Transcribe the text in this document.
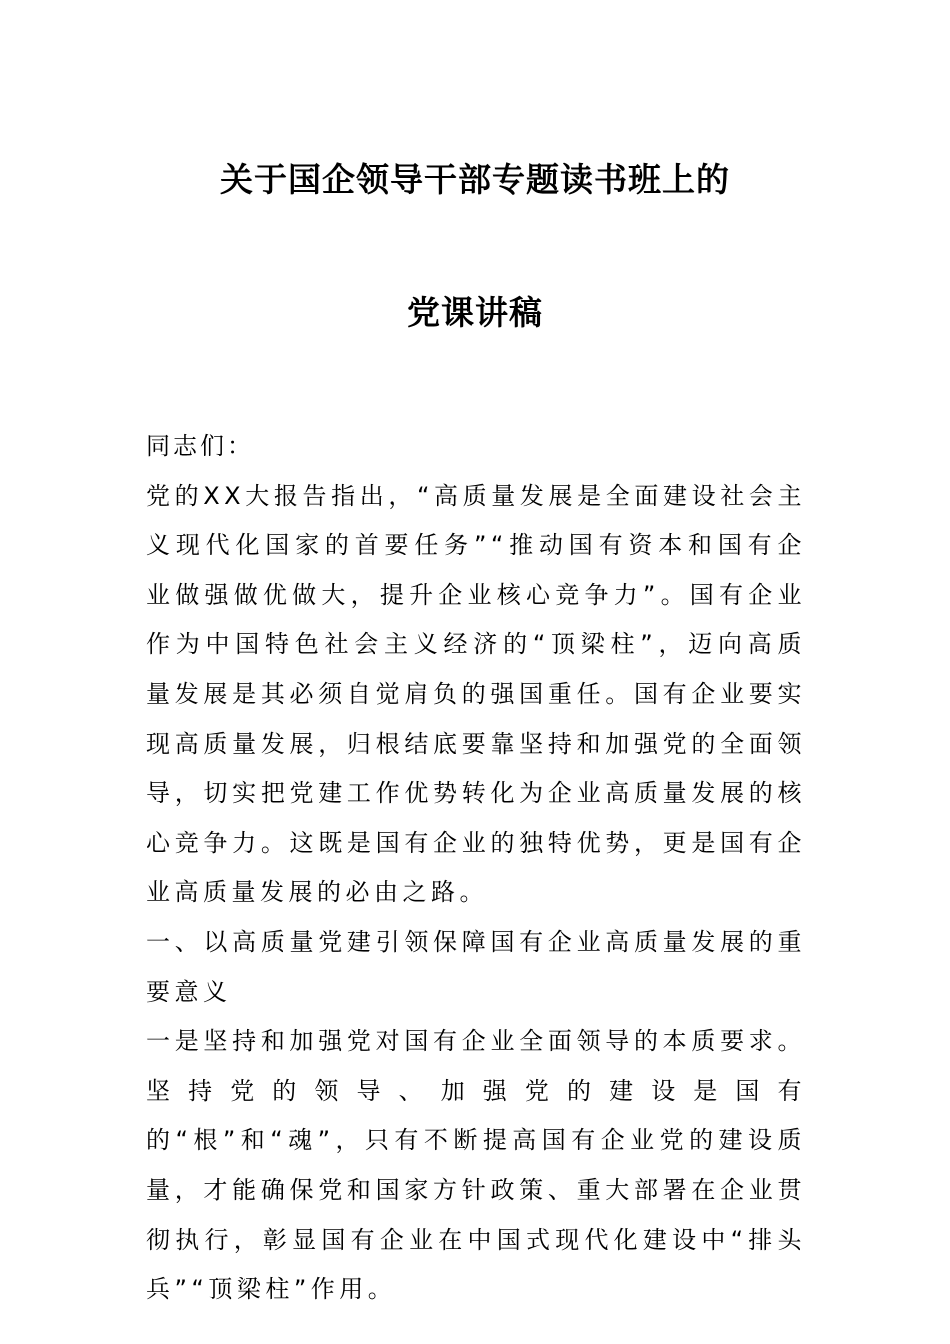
关于国企领导干部专题读书班上的
党课讲稿

同志们：

党的XX大报告指出，“高质量发展是全面建设社会主义现代化国家的首要任务”“推动国有资本和国有企业做强做优做大，提升企业核心竞争力”。国有企业作为中国特色社会主义经济的“顶梁柱”，迈向高质量发展是其必须自觉肩负的强国重任。国有企业要实现高质量发展，归根结底要靠坚持和加强党的全面领导，切实把党建工作优势转化为企业高质量发展的核心竞争力。这既是国有企业的独特优势，更是国有企业高质量发展的必由之路。

一、以高质量党建引领保障国有企业高质量发展的重要意义

一是坚持和加强党对国有企业全面领导的本质要求。坚持党的领导、加强党的建设是国有的“根”和“魂”，只有不断提高国有企业党的建设质量，才能确保党和国家方针政策、重大部署在企业贯彻执行，彰显国有企业在中国式现代化建设中“排头兵”“顶梁柱”作用。
